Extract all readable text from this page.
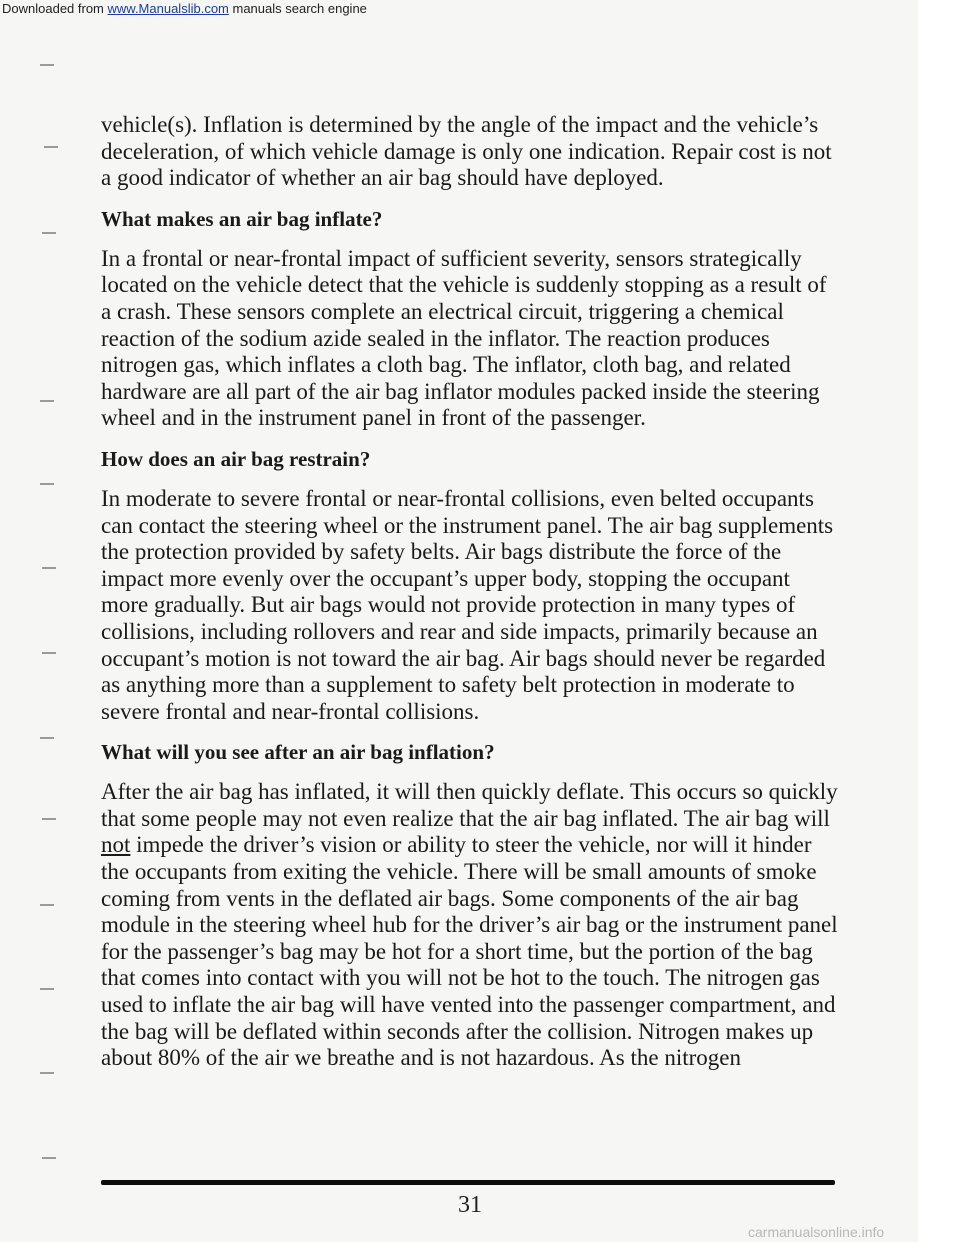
Downloaded from www.Manualslib.com manuals search engine

vehicle(s). Inflation is determined by the angle of the impact and the vehicle’s deceleration, of which vehicle damage is only one indication. Repair cost is not a good indicator of whether an air bag should have deployed.

What makes an air bag inflate?

In a frontal or near-frontal impact of sufficient severity, sensors strategically located on the vehicle detect that the vehicle is suddenly stopping as a result of a crash. These sensors complete an electrical circuit, triggering a chemical reaction of the sodium azide sealed in the inflator. The reaction produces nitrogen gas, which inflates a cloth bag. The inflator, cloth bag, and related hardware are all part of the air bag inflator modules packed inside the steering wheel and in the instrument panel in front of the passenger.

How does an air bag restrain?

In moderate to severe frontal or near-frontal collisions, even belted occupants can contact the steering wheel or the instrument panel. The air bag supplements the protection provided by safety belts. Air bags distribute the force of the impact more evenly over the occupant’s upper body, stopping the occupant more gradually. But air bags would not provide protection in many types of collisions, including rollovers and rear and side impacts, primarily because an occupant’s motion is not toward the air bag. Air bags should never be regarded as anything more than a supplement to safety belt protection in moderate to severe frontal and near-frontal collisions.

What will you see after an air bag inflation?

After the air bag has inflated, it will then quickly deflate. This occurs so quickly that some people may not even realize that the air bag inflated. The air bag will not impede the driver’s vision or ability to steer the vehicle, nor will it hinder the occupants from exiting the vehicle. There will be small amounts of smoke coming from vents in the deflated air bags. Some components of the air bag module in the steering wheel hub for the driver’s air bag or the instrument panel for the passenger’s bag may be hot for a short time, but the portion of the bag that comes into contact with you will not be hot to the touch. The nitrogen gas used to inflate the air bag will have vented into the passenger compartment, and the bag will be deflated within seconds after the collision. Nitrogen makes up about 80% of the air we breathe and is not hazardous. As the nitrogen

31
carmanualsonline.info
